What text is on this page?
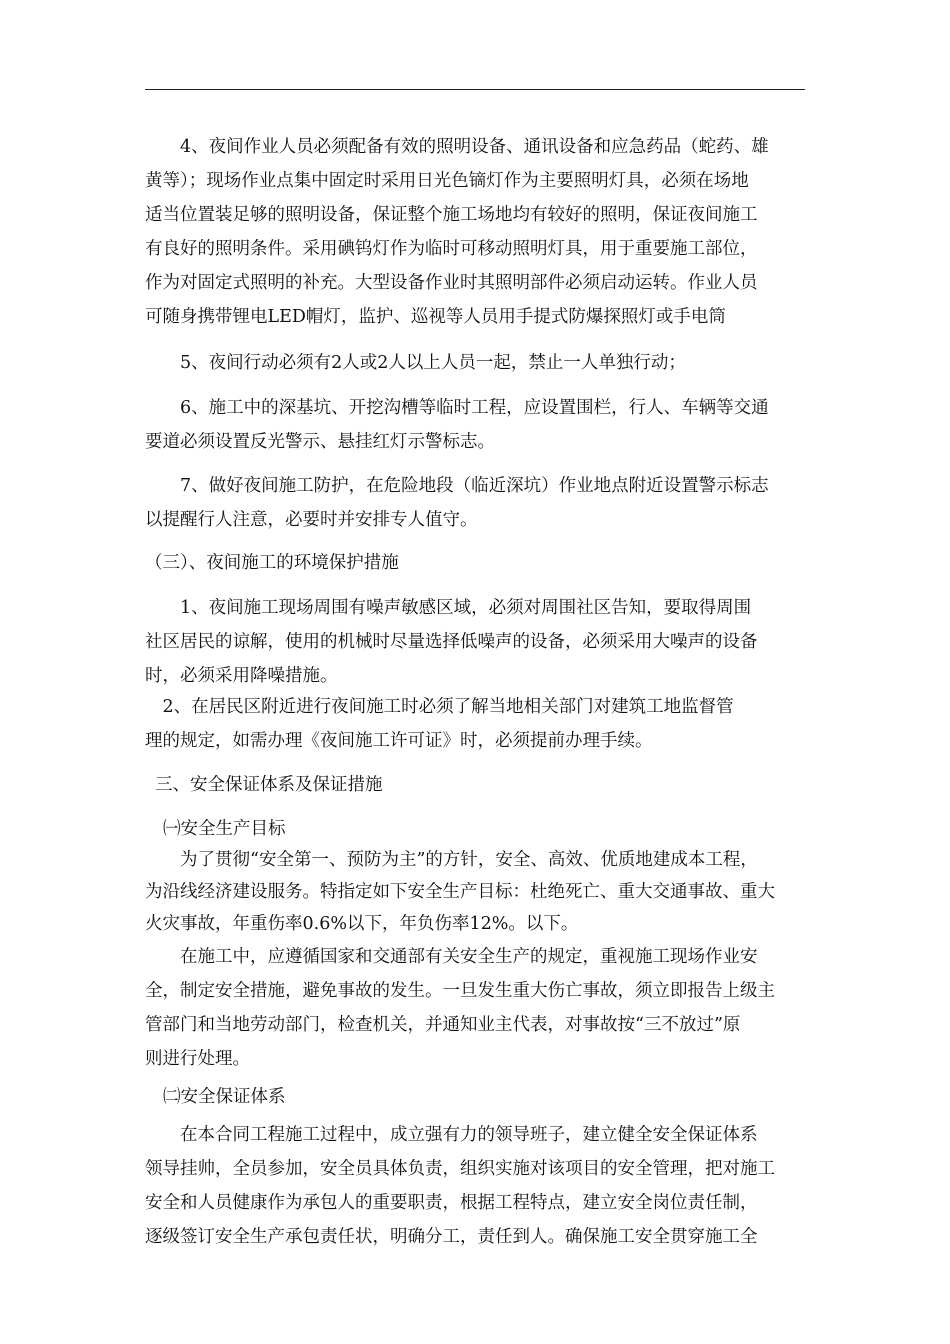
　　4、夜间作业人员必须配备有效的照明设备、通讯设备和应急药品（蛇药、雄
黄等）；现场作业点集中固定时采用日光色镝灯作为主要照明灯具，必须在场地
适当位置装足够的照明设备，保证整个施工场地均有较好的照明，保证夜间施工
有良好的照明条件。采用碘钨灯作为临时可移动照明灯具，用于重要施工部位，
作为对固定式照明的补充。大型设备作业时其照明部件必须启动运转。作业人员
可随身携带锂电LED帽灯，监护、巡视等人员用手提式防爆探照灯或手电筒
　　5、夜间行动必须有2人或2人以上人员一起，禁止一人单独行动；
　　6、施工中的深基坑、开挖沟槽等临时工程，应设置围栏，行人、车辆等交通
要道必须设置反光警示、悬挂红灯示警标志。
　　7、做好夜间施工防护，在危险地段（临近深坑）作业地点附近设置警示标志
以提醒行人注意，必要时并安排专人值守。
（三）、夜间施工的环境保护措施
　　1、夜间施工现场周围有噪声敏感区域，必须对周围社区告知，要取得周围
社区居民的谅解，使用的机械时尽量选择低噪声的设备，必须采用大噪声的设备
时，必须采用降噪措施。
　2、在居民区附近进行夜间施工时必须了解当地相关部门对建筑工地监督管
理的规定，如需办理《夜间施工许可证》时，必须提前办理手续。
三、安全保证体系及保证措施
㈠安全生产目标
　　为了贯彻“安全第一、预防为主”的方针，安全、高效、优质地建成本工程，
为沿线经济建设服务。特指定如下安全生产目标：杜绝死亡、重大交通事故、重大
火灾事故，年重伤率0.6%以下，年负伤率12%。以下。
　　在施工中，应遵循国家和交通部有关安全生产的规定，重视施工现场作业安
全，制定安全措施，避免事故的发生。一旦发生重大伤亡事故，须立即报告上级主
管部门和当地劳动部门，检查机关，并通知业主代表，对事故按“三不放过”原
则进行处理。
㈡安全保证体系
　　在本合同工程施工过程中，成立强有力的领导班子，建立健全安全保证体系
领导挂帅，全员参加，安全员具体负责，组织实施对该项目的安全管理，把对施工
安全和人员健康作为承包人的重要职责，根据工程特点，建立安全岗位责任制，
逐级签订安全生产承包责任状，明确分工，责任到人。确保施工安全贯穿施工全
